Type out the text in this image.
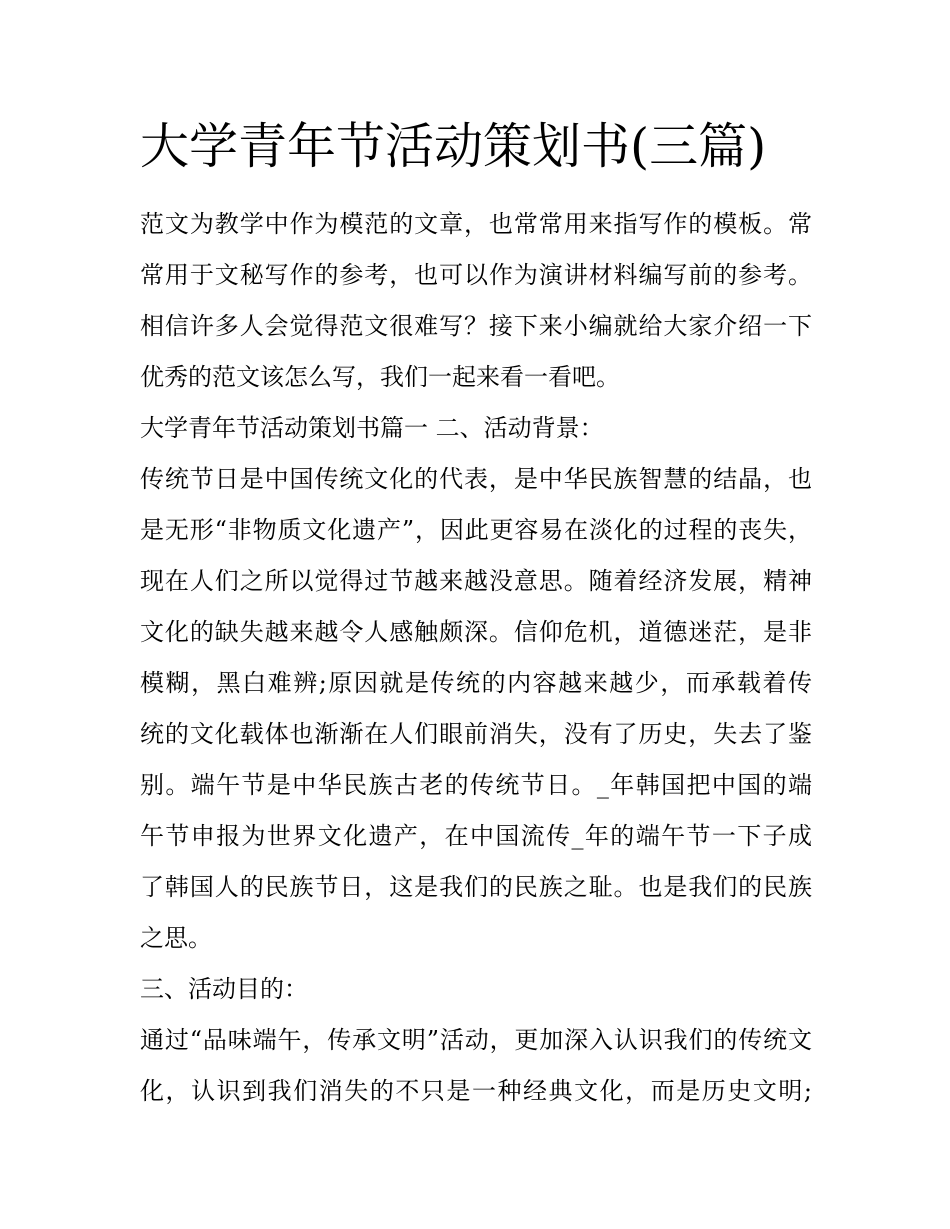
大学青年节活动策划书(三篇)
范文为教学中作为模范的文章，也常常用来指写作的模板。常
常用于文秘写作的参考，也可以作为演讲材料编写前的参考。
相信许多人会觉得范文很难写？接下来小编就给大家介绍一下
优秀的范文该怎么写，我们一起来看一看吧。
大学青年节活动策划书篇一 二、活动背景：
传统节日是中国传统文化的代表，是中华民族智慧的结晶，也
是无形“非物质文化遗产”，因此更容易在淡化的过程的丧失，
现在人们之所以觉得过节越来越没意思。随着经济发展，精神
文化的缺失越来越令人感触颇深。信仰危机，道德迷茫，是非
模糊，黑白难辨;原因就是传统的内容越来越少，而承载着传
统的文化载体也渐渐在人们眼前消失，没有了历史，失去了鉴
别。端午节是中华民族古老的传统节日。_年韩国把中国的端
午节申报为世界文化遗产，在中国流传_年的端午节一下子成
了韩国人的民族节日，这是我们的民族之耻。也是我们的民族
之思。
三、活动目的：
通过“品味端午，传承文明”活动，更加深入认识我们的传统文
化，认识到我们消失的不只是一种经典文化，而是历史文明;
